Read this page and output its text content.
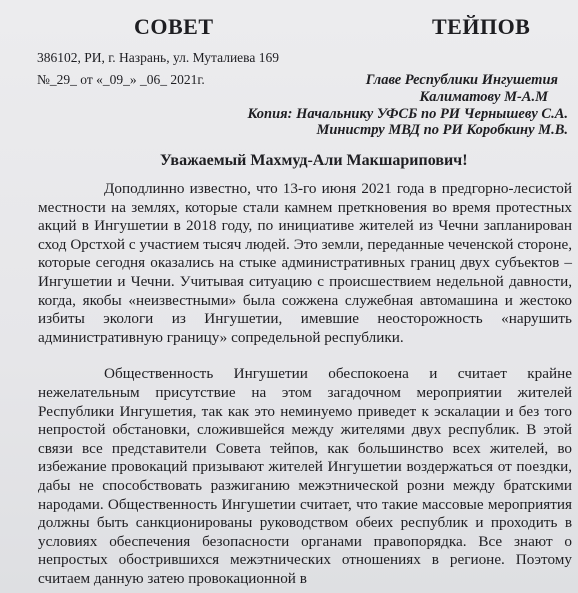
СОВЕТ	ТЕЙПОВ
386102, РИ, г. Назрань, ул. Муталиева 169
№_29_ от «_09_» _06_ 2021г.	Главе Республики Ингушетия
Калиматову М-А.М
Копия: Начальнику УФСБ по РИ Чернышеву С.А.
Министру МВД по РИ Коробкину М.В.
Уважаемый Махмуд-Али Макшарипович!

Доподлинно известно, что 13-го июня 2021 года в предгорно-лесистой местности на землях, которые стали камнем преткновения во время протестных акций в Ингушетии в 2018 году, по инициативе жителей из Чечни запланирован сход Орстхой с участием тысяч людей. Это земли, переданные чеченской стороне, которые сегодня оказались на стыке административных границ двух субъектов – Ингушетии и Чечни. Учитывая ситуацию с происшествием недельной давности, когда, якобы «неизвестными» была сожжена служебная автомашина и жестоко избиты экологи из Ингушетии, имевшие неосторожность «нарушить административную границу» сопредельной республики.

Общественность Ингушетии обеспокоена и считает крайне нежелательным присутствие на этом загадочном мероприятии жителей Республики Ингушетия, так как это неминуемо приведет к эскалации и без того непростой обстановки, сложившейся между жителями двух республик. В этой связи все представители Совета тейпов, как большинство всех жителей, во избежание провокаций призывают жителей Ингушетии воздержаться от поездки, дабы не способствовать разжиганию межэтнической розни между братскими народами. Общественность Ингушетии считает, что такие массовые мероприятия должны быть санкционированы руководством обеих республик и проходить в условиях обеспечения безопасности органами правопорядка. Все знают о непростых обострившихся межэтнических отношениях в регионе. Поэтому считаем данную затею провокационной в
